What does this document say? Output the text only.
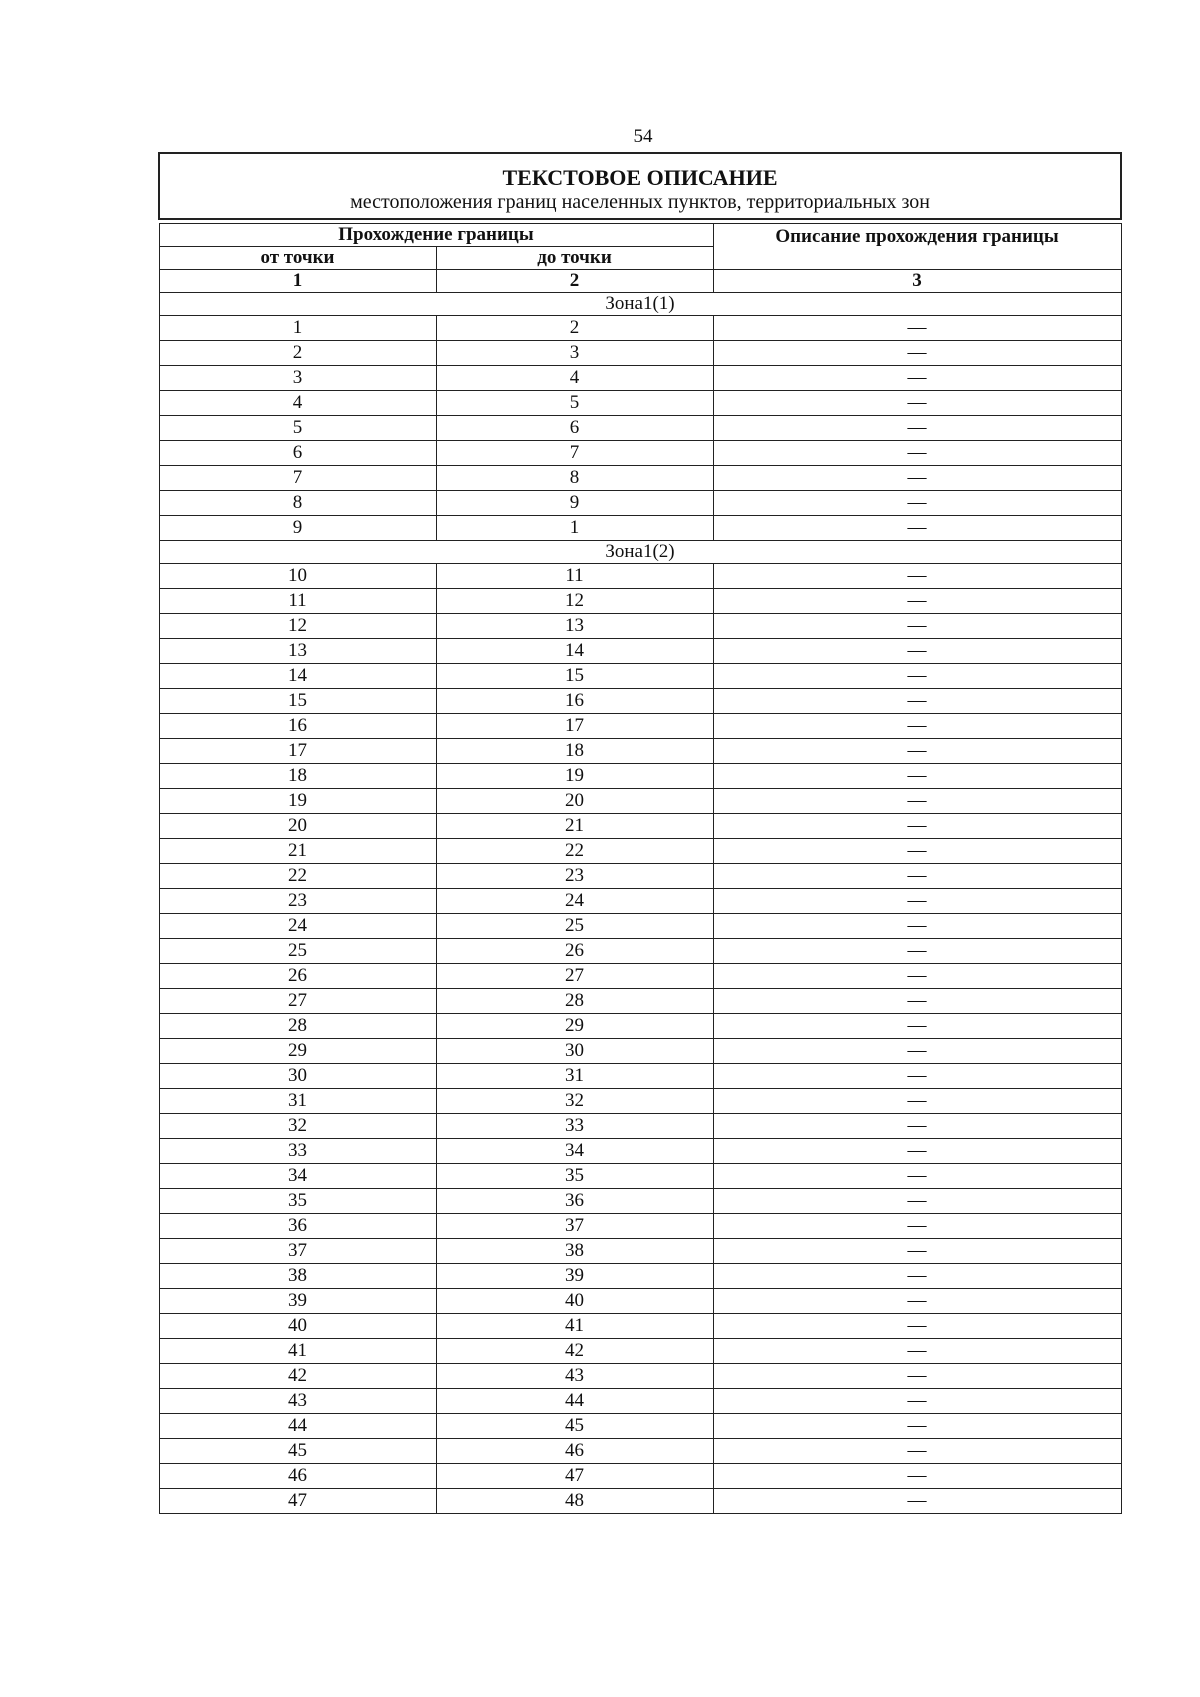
54
ТЕКСТОВОЕ ОПИСАНИЕ
местоположения границ населенных пунктов, территориальных зон		

Прохождение границы		Описание прохождения границы
от точки	до точки	
1	2	3
Зона1(1)		
1	2	—
2	3	—
3	4	—
4	5	—
5	6	—
6	7	—
7	8	—
8	9	—
9	1	—
Зона1(2)		
10	11	—
11	12	—
12	13	—
13	14	—
14	15	—
15	16	—
16	17	—
17	18	—
18	19	—
19	20	—
20	21	—
21	22	—
22	23	—
23	24	—
24	25	—
25	26	—
26	27	—
27	28	—
28	29	—
29	30	—
30	31	—
31	32	—
32	33	—
33	34	—
34	35	—
35	36	—
36	37	—
37	38	—
38	39	—
39	40	—
40	41	—
41	42	—
42	43	—
43	44	—
44	45	—
45	46	—
46	47	—
47	48	—
